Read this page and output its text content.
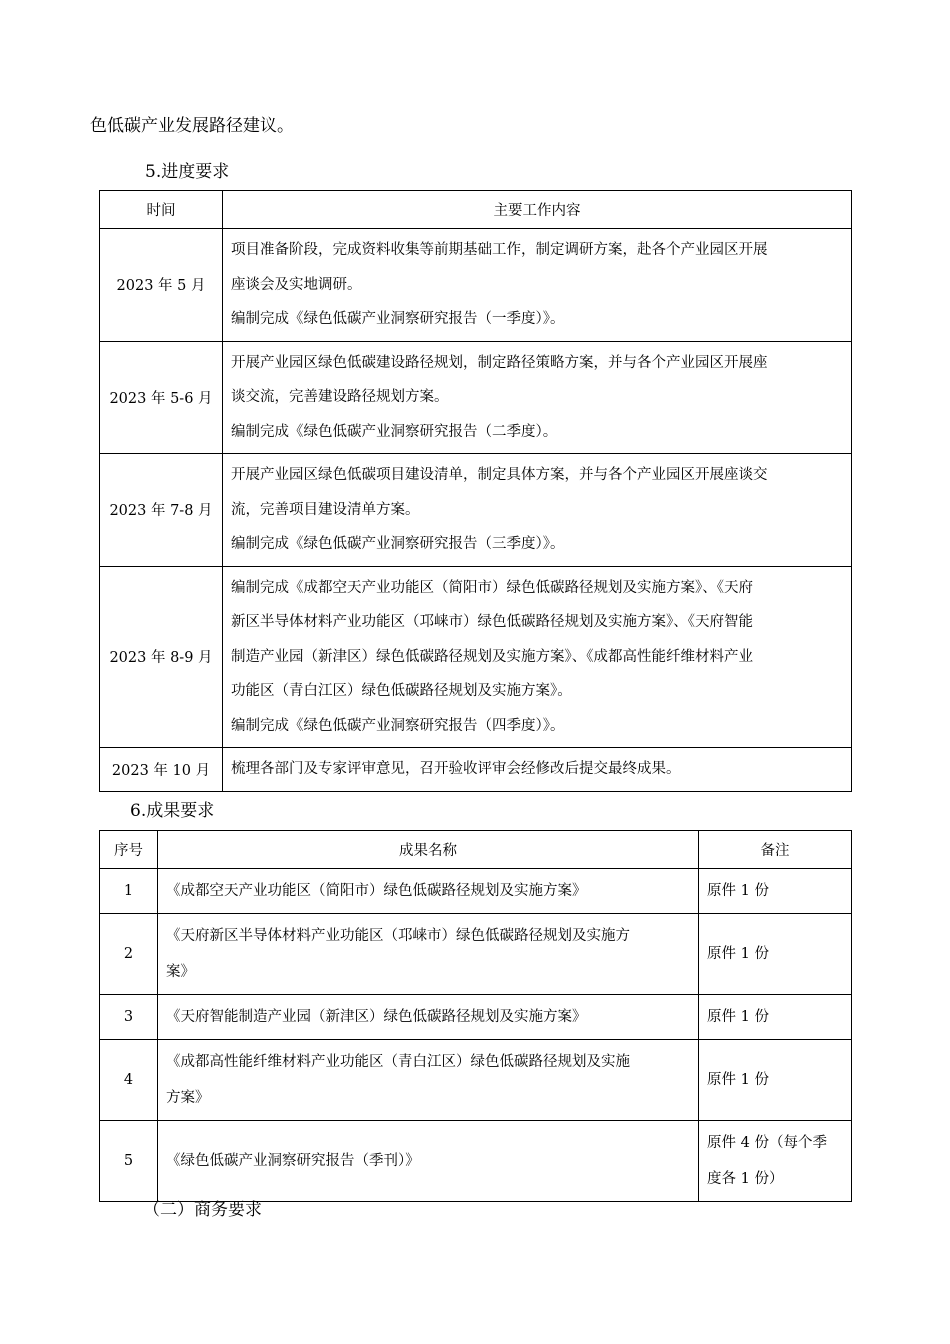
色低碳产业发展路径建议。
5.进度要求
时间	主要工作内容
2023 年 5 月	项目准备阶段，完成资料收集等前期基础工作，制定调研方案，赴各个产业园区开展
座谈会及实地调研。
编制完成《绿色低碳产业洞察研究报告（一季度）》。

2023 年 5-6 月	开展产业园区绿色低碳建设路径规划，制定路径策略方案，并与各个产业园区开展座
谈交流，完善建设路径规划方案。
编制完成《绿色低碳产业洞察研究报告（二季度）。

2023 年 7-8 月	开展产业园区绿色低碳项目建设清单，制定具体方案，并与各个产业园区开展座谈交
流，完善项目建设清单方案。
编制完成《绿色低碳产业洞察研究报告（三季度）》。

2023 年 8-9 月	编制完成《成都空天产业功能区（简阳市）绿色低碳路径规划及实施方案》、《天府
新区半导体材料产业功能区（邛崃市）绿色低碳路径规划及实施方案》、《天府智能
制造产业园（新津区）绿色低碳路径规划及实施方案》、《成都高性能纤维材料产业
功能区（青白江区）绿色低碳路径规划及实施方案》。
编制完成《绿色低碳产业洞察研究报告（四季度）》。

2023 年 10 月	梳理各部门及专家评审意见，召开验收评审会经修改后提交最终成果。
6.成果要求
序号	成果名称	备注
1	《成都空天产业功能区（简阳市）绿色低碳路径规划及实施方案》	原件 1 份

2	《天府新区半导体材料产业功能区（邛崃市）绿色低碳路径规划及实施方
案》	原件 1 份

3	《天府智能制造产业园（新津区）绿色低碳路径规划及实施方案》	原件 1 份

4	《成都高性能纤维材料产业功能区（青白江区）绿色低碳路径规划及实施
方案》	原件 1 份

5	《绿色低碳产业洞察研究报告（季刊）》	原件 4 份（每个季
度各 1 份）
（二）商务要求
